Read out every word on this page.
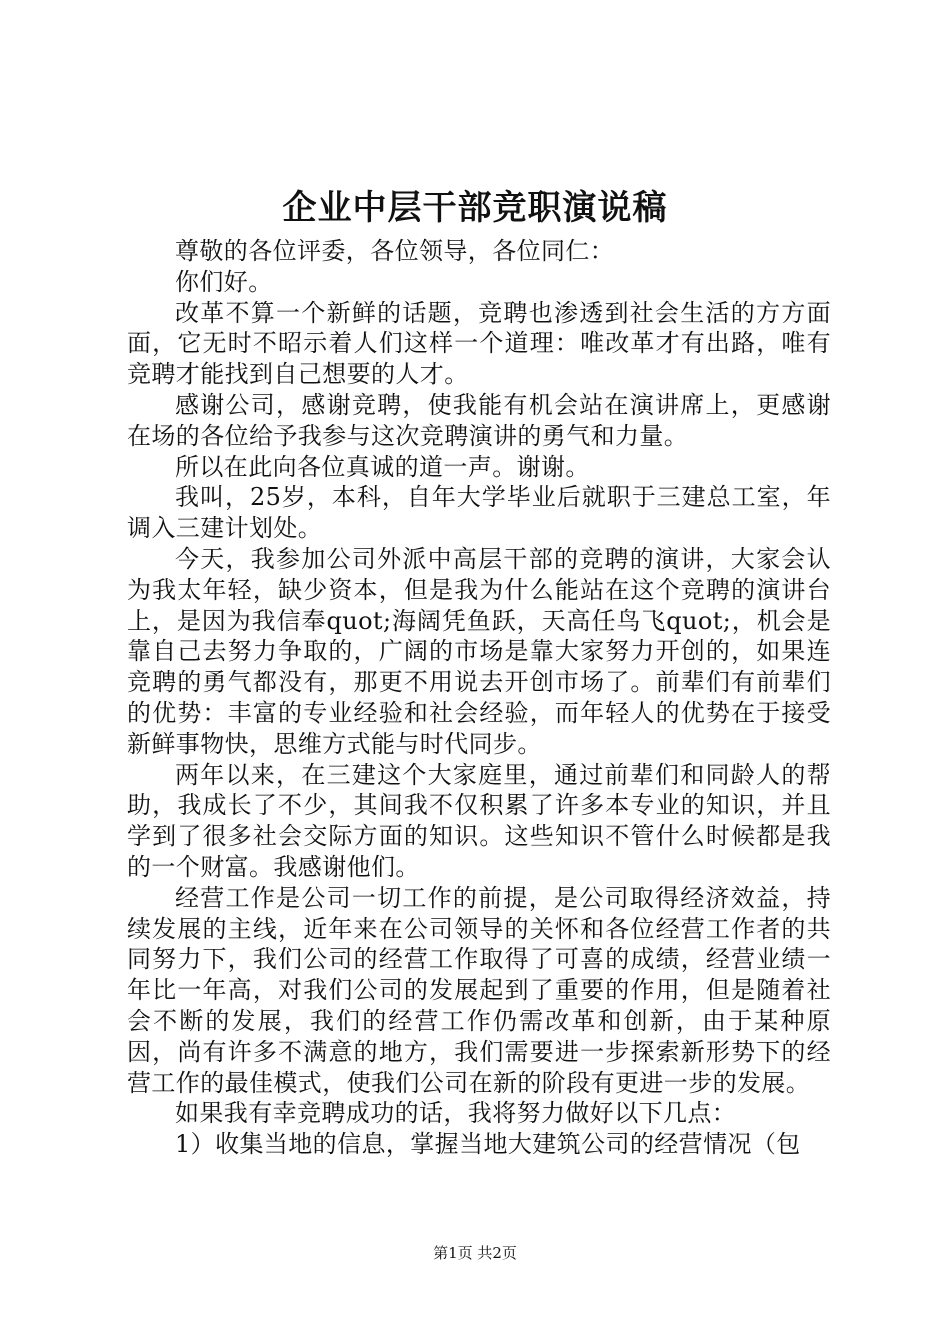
企业中层干部竞职演说稿

尊敬的各位评委，各位领导，各位同仁：

你们好。

改革不算一个新鲜的话题，竞聘也渗透到社会生活的方方面面，它无时不昭示着人们这样一个道理：唯改革才有出路，唯有竞聘才能找到自己想要的人才。

感谢公司，感谢竞聘，使我能有机会站在演讲席上，更感谢在场的各位给予我参与这次竞聘演讲的勇气和力量。

所以在此向各位真诚的道一声。谢谢。

我叫，25岁，本科，自年大学毕业后就职于三建总工室，年调入三建计划处。

今天，我参加公司外派中高层干部的竞聘的演讲，大家会认为我太年轻，缺少资本，但是我为什么能站在这个竞聘的演讲台上，是因为我信奉quot;海阔凭鱼跃，天高任鸟飞quot;，机会是靠自己去努力争取的，广阔的市场是靠大家努力开创的，如果连竞聘的勇气都没有，那更不用说去开创市场了。前辈们有前辈们的优势：丰富的专业经验和社会经验，而年轻人的优势在于接受新鲜事物快，思维方式能与时代同步。

两年以来，在三建这个大家庭里，通过前辈们和同龄人的帮助，我成长了不少，其间我不仅积累了许多本专业的知识，并且学到了很多社会交际方面的知识。这些知识不管什么时候都是我的一个财富。我感谢他们。

经营工作是公司一切工作的前提，是公司取得经济效益，持续发展的主线，近年来在公司领导的关怀和各位经营工作者的共同努力下，我们公司的经营工作取得了可喜的成绩，经营业绩一年比一年高，对我们公司的发展起到了重要的作用，但是随着社会不断的发展，我们的经营工作仍需改革和创新，由于某种原因，尚有许多不满意的地方，我们需要进一步探索新形势下的经营工作的最佳模式，使我们公司在新的阶段有更进一步的发展。

如果我有幸竞聘成功的话，我将努力做好以下几点：

1）收集当地的信息，掌握当地大建筑公司的经营情况（包

第1页 共2页
